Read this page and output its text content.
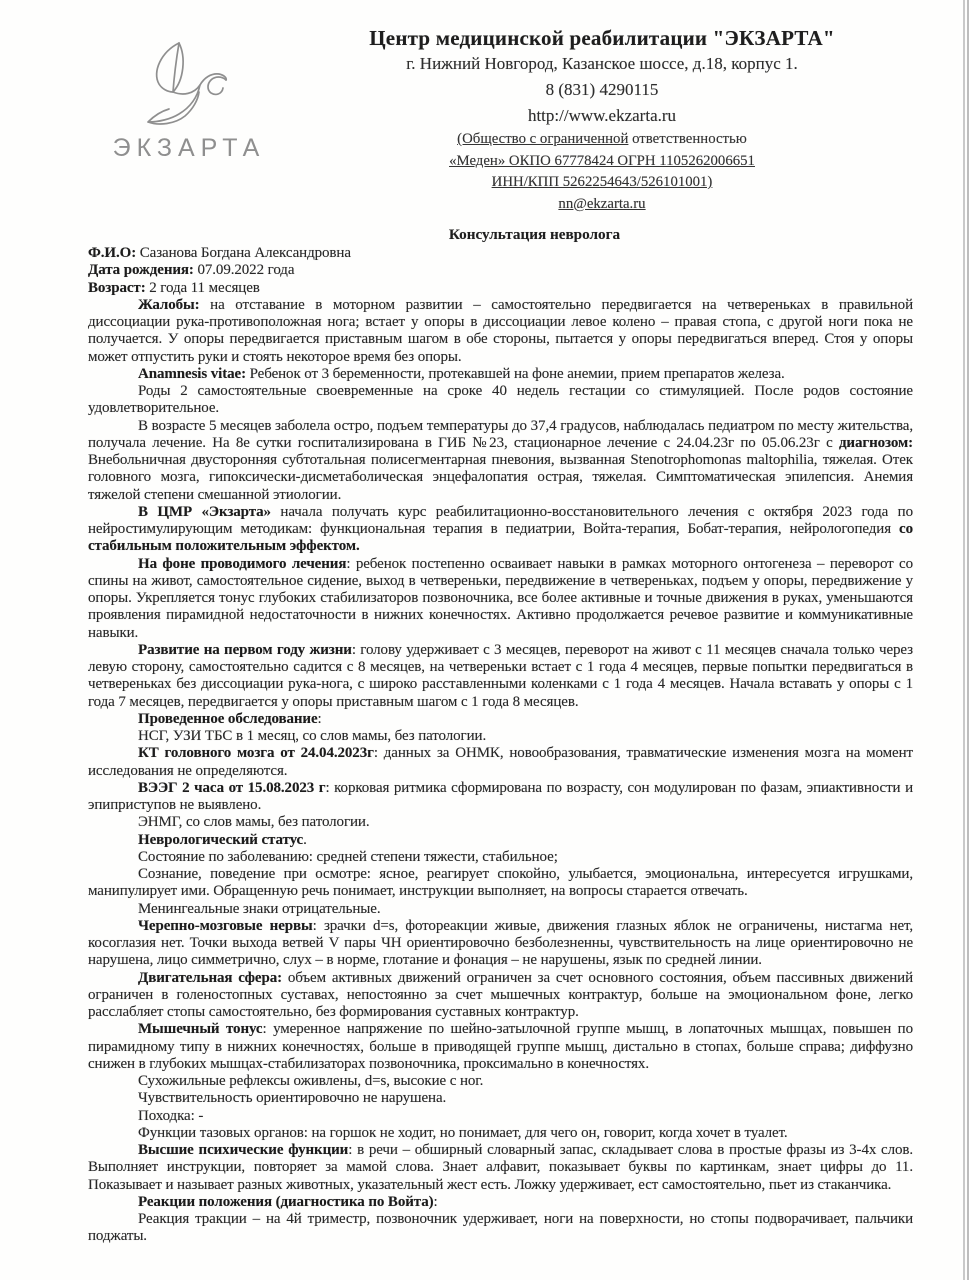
ЭКЗАРТА
Центр медицинской реабилитации "ЭКЗАРТА"
г. Нижний Новгород, Казанское шоссе, д.18, корпус 1.
8 (831) 4290115
http://www.ekzarta.ru
(Общество с ограниченной ответственностью
«Меден» ОКПО 67778424 ОГРН 1105262006651
ИНН/КПП 5262254643/526101001)
nn@ekzarta.ru
Консультация невролога

Ф.И.О: Сазанова Богдана Александровна

Дата рождения: 07.09.2022 года

Возраст: 2 года 11 месяцев

Жалобы: на отставание в моторном развитии – самостоятельно передвигается на четвереньках в правильной диссоциации рука-противоположная нога; встает у опоры в диссоциации левое колено – правая стопа, с другой ноги пока не получается. У опоры передвигается приставным шагом в обе стороны, пытается у опоры передвигаться вперед. Стоя у опоры может отпустить руки и стоять некоторое время без опоры.

Anamnesis vitae: Ребенок от 3 беременности, протекавшей на фоне анемии, прием препаратов железа.

Роды 2 самостоятельные своевременные на сроке 40 недель гестации со стимуляцией. После родов состояние удовлетворительное.

В возрасте 5 месяцев заболела остро, подъем температуры до 37,4 градусов, наблюдалась педиатром по месту жительства, получала лечение. На 8е сутки госпитализирована в ГИБ №23, стационарное лечение с 24.04.23г по 05.06.23г с диагнозом: Внебольничная двусторонняя субтотальная полисегментарная пневония, вызванная Stenotrophomonas maltophilia, тяжелая. Отек головного мозга, гипоксически-дисметаболическая энцефалопатия острая, тяжелая. Симптоматическая эпилепсия. Анемия тяжелой степени смешанной этиологии.

В ЦМР «Экзарта» начала получать курс реабилитационно-восстановительного лечения с октября 2023 года по нейростимулирующим методикам: функциональная терапия в педиатрии, Войта-терапия, Бобат-терапия, нейрологопедия со стабильным положительным эффектом.

На фоне проводимого лечения: ребенок постепенно осваивает навыки в рамках моторного онтогенеза – переворот со спины на живот, самостоятельное сидение, выход в четвереньки, передвижение в четвереньках, подъем у опоры, передвижение у опоры. Укрепляется тонус глубоких стабилизаторов позвоночника, все более активные и точные движения в руках, уменьшаются проявления пирамидной недостаточности в нижних конечностях. Активно продолжается речевое развитие и коммуникативные навыки.

Развитие на первом году жизни: голову удерживает с 3 месяцев, переворот на живот с 11 месяцев сначала только через левую сторону, самостоятельно садится с 8 месяцев, на четвереньки встает с 1 года 4 месяцев, первые попытки передвигаться в четвереньках без диссоциации рука-нога, с широко расставленными коленками с 1 года 4 месяцев. Начала вставать у опоры с 1 года 7 месяцев, передвигается у опоры приставным шагом с 1 года 8 месяцев.

Проведенное обследование:

НСГ, УЗИ ТБС в 1 месяц, со слов мамы, без патологии.

КТ головного мозга от 24.04.2023г: данных за ОНМК, новообразования, травматические изменения мозга на момент исследования не определяются.

ВЭЭГ 2 часа от 15.08.2023 г: корковая ритмика сформирована по возрасту, сон модулирован по фазам, эпиактивности и эпиприступов не выявлено.

ЭНМГ, со слов мамы, без патологии.

Неврологический статус.

Состояние по заболеванию: средней степени тяжести, стабильное;

Сознание, поведение при осмотре: ясное, реагирует спокойно, улыбается, эмоциональна, интересуется игрушками, манипулирует ими. Обращенную речь понимает, инструкции выполняет, на вопросы старается отвечать.

Менингеальные знаки отрицательные.

Черепно-мозговые нервы: зрачки d=s, фотореакции живые, движения глазных яблок не ограничены, нистагма нет, косоглазия нет. Точки выхода ветвей V пары ЧН ориентировочно безболезненны, чувствительность на лице ориентировочно не нарушена, лицо симметрично, слух – в норме, глотание и фонация – не нарушены, язык по средней линии.

Двигательная сфера: объем активных движений ограничен за счет основного состояния, объем пассивных движений ограничен в голеностопных суставах, непостоянно за счет мышечных контрактур, больше на эмоциональном фоне, легко расслабляет стопы самостоятельно, без формирования суставных контрактур.

Мышечный тонус: умеренное напряжение по шейно-затылочной группе мышц, в лопаточных мышцах, повышен по пирамидному типу в нижних конечностях, больше в приводящей группе мышц, дистально в стопах, больше справа; диффузно снижен в глубоких мышцах-стабилизаторах позвоночника, проксимально в конечностях.

Сухожильные рефлексы оживлены, d=s, высокие с ног.

Чувствительность ориентировочно не нарушена.

Походка: -

Функции тазовых органов: на горшок не ходит, но понимает, для чего он, говорит, когда хочет в туалет.

Высшие психические функции: в речи – обширный словарный запас, складывает слова в простые фразы из 3-4х слов. Выполняет инструкции, повторяет за мамой слова. Знает алфавит, показывает буквы по картинкам, знает цифры до 11. Показывает и называет разных животных, указательный жест есть. Ложку удерживает, ест самостоятельно, пьет из стаканчика.

Реакции положения (диагностика по Войта):

Реакция тракции – на 4й триместр, позвоночник удерживает, ноги на поверхности, но стопы подворачивает, пальчики поджаты.
